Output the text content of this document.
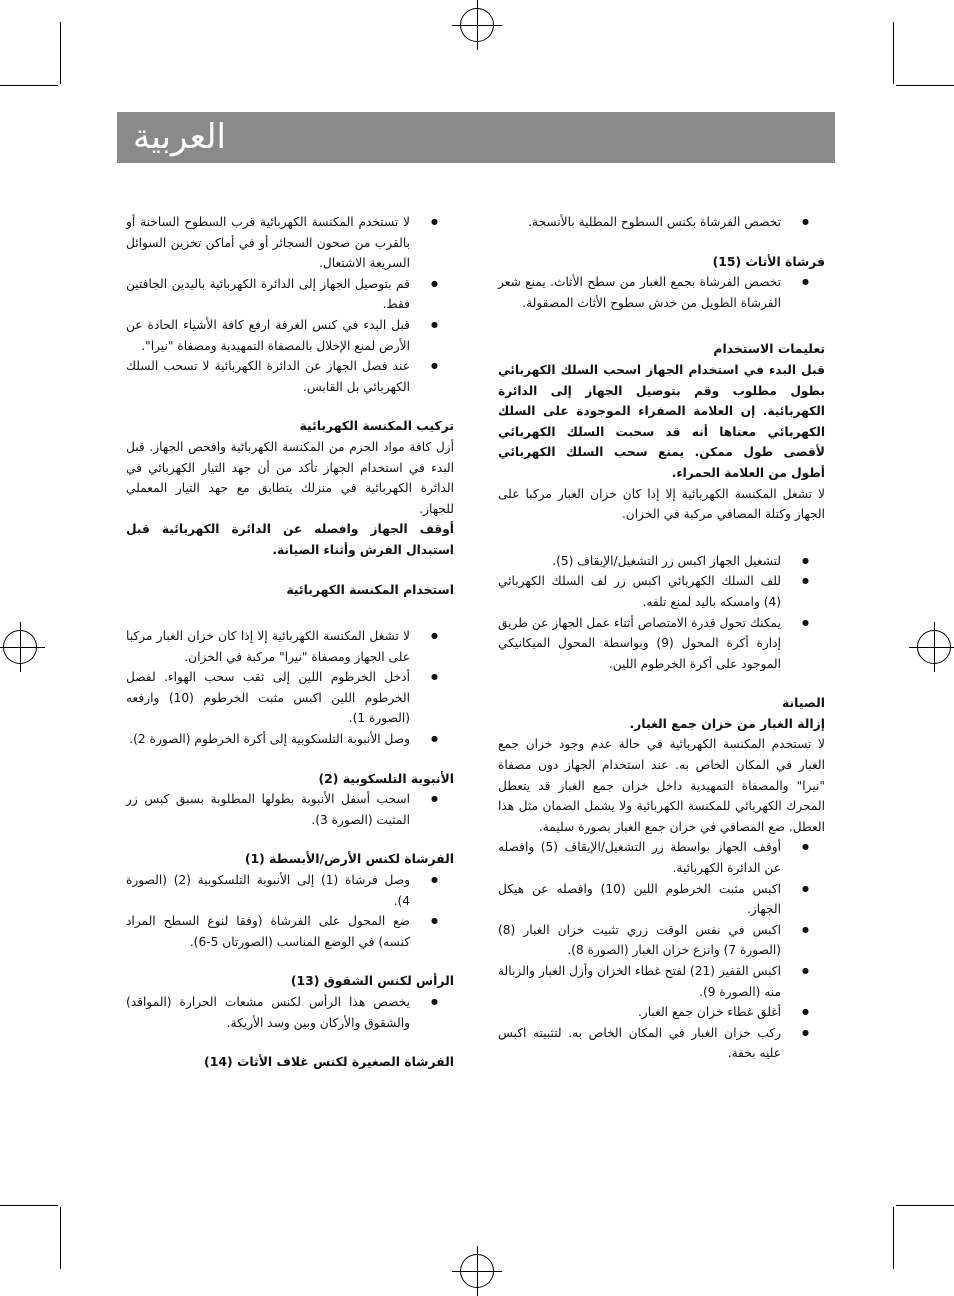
العربية
● تخصص الفرشاة بكنس السطوح المطلية بالأنسجة.

فرشاة الأثاث (15)

● تخصص الفرشاة بجمع الغبار من سطح الأثاث. يمنع شعر الفرشاة الطويل من خدش سطوح الأثاث المصقولة.

تعليمات الاستخدام

قبل البدء في استخدام الجهاز اسحب السلك الكهربائي بطول مطلوب وقم بتوصيل الجهاز إلى الدائرة الكهربائية. إن العلامة الصفراء الموجودة على السلك الكهربائي معناها أنه قد سحبت السلك الكهربائي لأقصى طول ممكن. يمنع سحب السلك الكهربائي أطول من العلامة الحمراء.

لا تشغل المكنسة الكهربائية إلا إذا كان خزان الغبار مركبا على الجهاز وكتلة المصافي مركبة في الخزان.

● لتشغيل الجهاز اكبس زر التشغيل/الإيقاف (5).
● للف السلك الكهربائي اكبس زر لف السلك الكهربائي (4) وامسكه باليد لمنع تلفه.
● يمكنك تحول قدرة الامتصاص أثناء عمل الجهاز عن طريق إدارة أكرة المحول (9) وبواسطة المحول الميكانيكي الموجود على أكرة الخرطوم اللين.

الصيانة

إزالة الغبار من خزان جمع الغبار.

لا تستخدم المكنسة الكهربائية في حالة عدم وجود خزان جمع الغبار في المكان الخاص به. عند استخدام الجهاز دون مصفاة "نيرا" والمصفاة التمهيدية داخل خزان جمع الغبار قد يتعطل المحرك الكهربائي للمكنسة الكهربائية ولا يشمل الضمان مثل هذا العطل. ضع المصافي في خزان جمع الغبار بصورة سليمة.

● أوقف الجهاز بواسطة زر التشغيل/الإيقاف (5) وافصله عن الدائرة الكهربائية.
● اكبس مثبت الخرطوم اللين (10) وافصله عن هيكل الجهاز.
● اكبس في نفس الوقت زري تثبيت خزان الغبار (8) (الصورة 7) وانزع خزان الغبار (الصورة 8).
● اكبس القفيز (21) لفتح غطاء الخزان وأزل الغبار والزبالة منه (الصورة 9).
● أغلق غطاء خزان جمع الغبار.
● ركب خزان الغبار في المكان الخاص به. لتثبيته اكبس عليه بخفة.
● لا تستخدم المكنسة الكهربائية قرب السطوح الساخنة أو بالقرب من صحون السجائر أو في أماكن تخزين السوائل السريعة الاشتعال.
● قم بتوصيل الجهاز إلى الدائرة الكهربائية باليدين الجافتين فقط.
● قبل البدء في كنس الغرفة ارفع كافة الأشياء الحادة عن الأرض لمنع الإخلال بالمصفاة التمهيدية ومصفاة "نيرا".
● عند فصل الجهاز عن الدائرة الكهربائية لا تسحب السلك الكهربائي بل القابس.

تركيب المكنسة الكهربائية

أزل كافة مواد الحزم من المكنسة الكهربائية وافحص الجهاز. قبل البدء في استخدام الجهاز تأكد من أن جهد التيار الكهربائي في الدائرة الكهربائية في منزلك يتطابق مع جهد التيار المعملي للجهاز.

أوقف الجهاز وافصله عن الدائرة الكهربائية قبل استبدال الفرش وأثناء الصيانة.

استخدام المكنسة الكهربائية

● لا تشغل المكنسة الكهربائية إلا إذا كان خزان الغبار مركبا على الجهاز ومصفاة "نيرا" مركبة في الخزان.
● أدخل الخرطوم اللين إلى ثقب سحب الهواء. لفصل الخرطوم اللين اكبس مثبت الخرطوم (10) وارفعه (الصورة 1).
● وصل الأنبوبة التلسكوبية إلى أكرة الخرطوم (الصورة 2).

الأنبوبة التلسكوبية (2)

● اسحب أسفل الأنبوبة بطولها المطلوبة بسبق كبس زر المثبت (الصورة 3).

الفرشاة لكنس الأرض/الأبسطة (1)

● وصل فرشاة (1) إلى الأنبوبة التلسكوبية (2) (الصورة 4).
● ضع المحول على الفرشاة (وفقا لنوع السطح المراد كنسه) في الوضع المناسب (الصورتان 5-6).

الرأس لكنس الشقوق (13)

● يخصص هذا الرأس لكنس مشعات الحرارة (المواقد) والشقوق والأركان وبين وسد الأريكة.

الفرشاة الصغيرة لكنس غلاف الأثاث (14)
